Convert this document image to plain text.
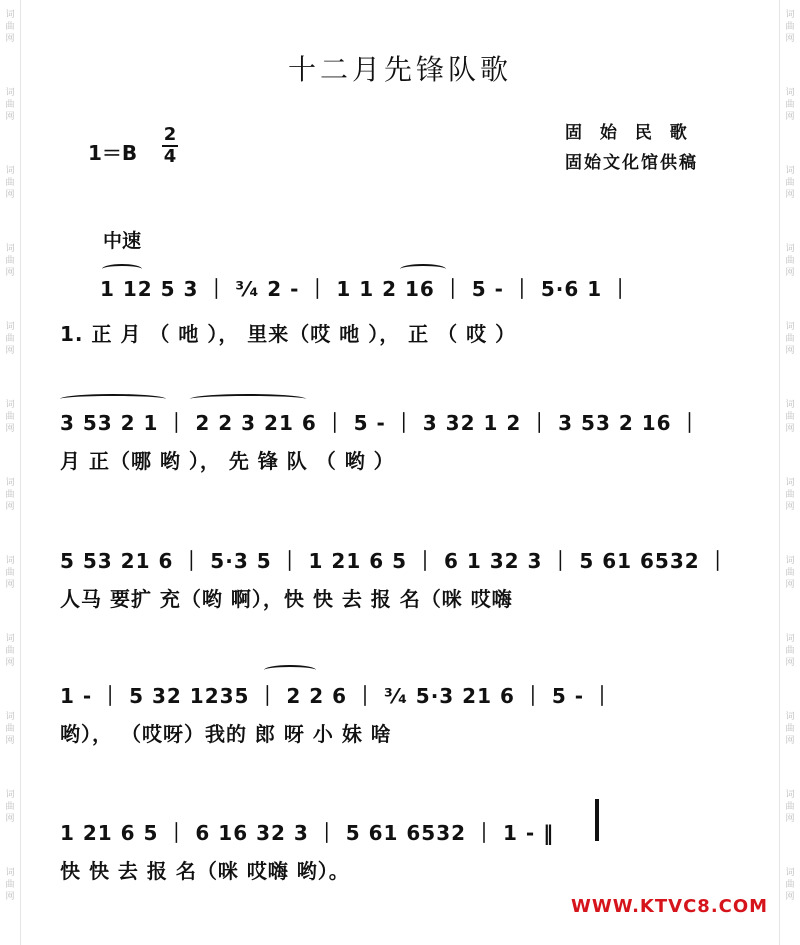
词
曲
网
词
曲
网
词
曲
网
词
曲
网
词
曲
网
词
曲
网
词
曲
网
词
曲
网
词
曲
网
词
曲
网
词
曲
网
词
曲
网
词
曲
网
词
曲
网
词
曲
网
词
曲
网
词
曲
网
词
曲
网
词
曲
网
词
曲
网
词
曲
网
词
曲
网
词
曲
网
词
曲
网
十二月先锋队歌
固 始 民 歌
固始文化馆供稿
1＝B
2
4
中速
1 12 5 3 ｜ ³⁄₄ 2 - ｜ 1 1 2 16 ｜ 5 - ｜ 5·6 1 ｜
1. 正 月 （ 吔 ）， 里来（哎 吔 ）， 正 （ 哎 ）
3 53 2 1 ｜ 2 2 3 21 6 ｜ 5 - ｜ 3 32 1 2 ｜ 3 53 2 16 ｜
月 正（哪 哟 ）， 先 锋 队 （ 哟 ）
5 53 21 6 ｜ 5·3 5 ｜ 1 21 6 5 ｜ 6 1 32 3 ｜ 5 61 6532 ｜
人马 要扩 充（哟 啊），快 快 去 报 名（咪 哎嗨
1 - ｜ 5 32 1235 ｜ 2 2 6 ｜ ³⁄₄ 5·3 21 6 ｜ 5 - ｜
哟）， （哎呀）我的 郎 呀 小 妹 啥
1 21 6 5 ｜ 6 16 32 3 ｜ 5 61 6532 ｜ 1 - ‖
快 快 去 报 名（咪 哎嗨 哟）。
WWW.KTVC8.COM
